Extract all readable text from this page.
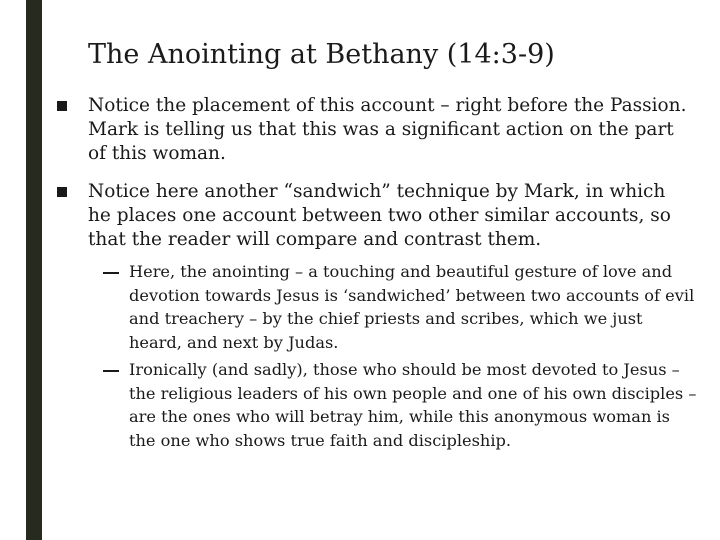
The Anointing at Bethany (14:3-9)
Notice the placement of this account – right before the Passion. Mark is telling us that this was a significant action on the part of this woman.
Notice here another “sandwich” technique by Mark, in which he places one account between two other similar accounts, so that the reader will compare and contrast them.
Here, the anointing – a touching and beautiful gesture of love and devotion towards Jesus is ‘sandwiched’ between two accounts of evil and treachery – by the chief priests and scribes, which we just heard, and next by Judas.
Ironically (and sadly), those who should be most devoted to Jesus – the religious leaders of his own people and one of his own disciples – are the ones who will betray him, while this anonymous woman is the one who shows true faith and discipleship.
